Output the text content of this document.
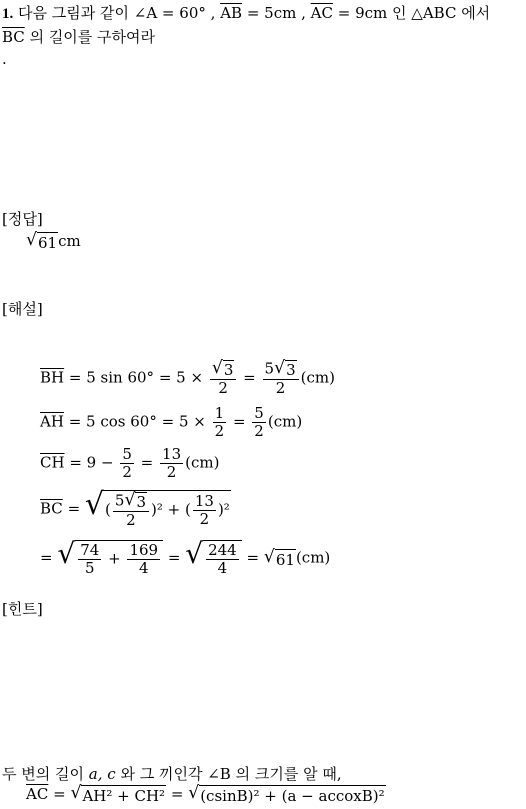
1. 다음 그림과 같이 ∠A = 60° , $\overline{AB} = 5cm$ , $\overline{AC} = 9cm$ 인 △ABC 에서
$\overline{BC}$ 의 길이를 구하여라
.
[정답]
√ 61 cm
[해설]
$\overline{BH} = 5$ $\sin 60^\circ = 5 \times \frac{√ 3}{2} = \frac{5 √ 3}{2} (cm)$
$\overline{AH} = 5$ $\cos 60^\circ = 5 \times \frac{1}{2} = \frac{5}{2} (cm)$
$\overline{CH} = 9 - \frac{5}{2} = \frac{13}{2} (cm)$
$\overline{BC}$ = √ ( $\frac{5 √ 3}{2} )^2$ + ( $\frac{13}{2} )^2$
= √ $\frac{74}{5} + \frac{169}{4}$ = √ $\frac{244}{4}$ = √ 61 (cm)
[힌트]
두 변의 길이 a, c 와 그 끼인각 ∠B 의 크기를 알 때,
$\overline{AC}$ = √ AH² + CH² = √ (csinB)² + (a − accoxB)²
